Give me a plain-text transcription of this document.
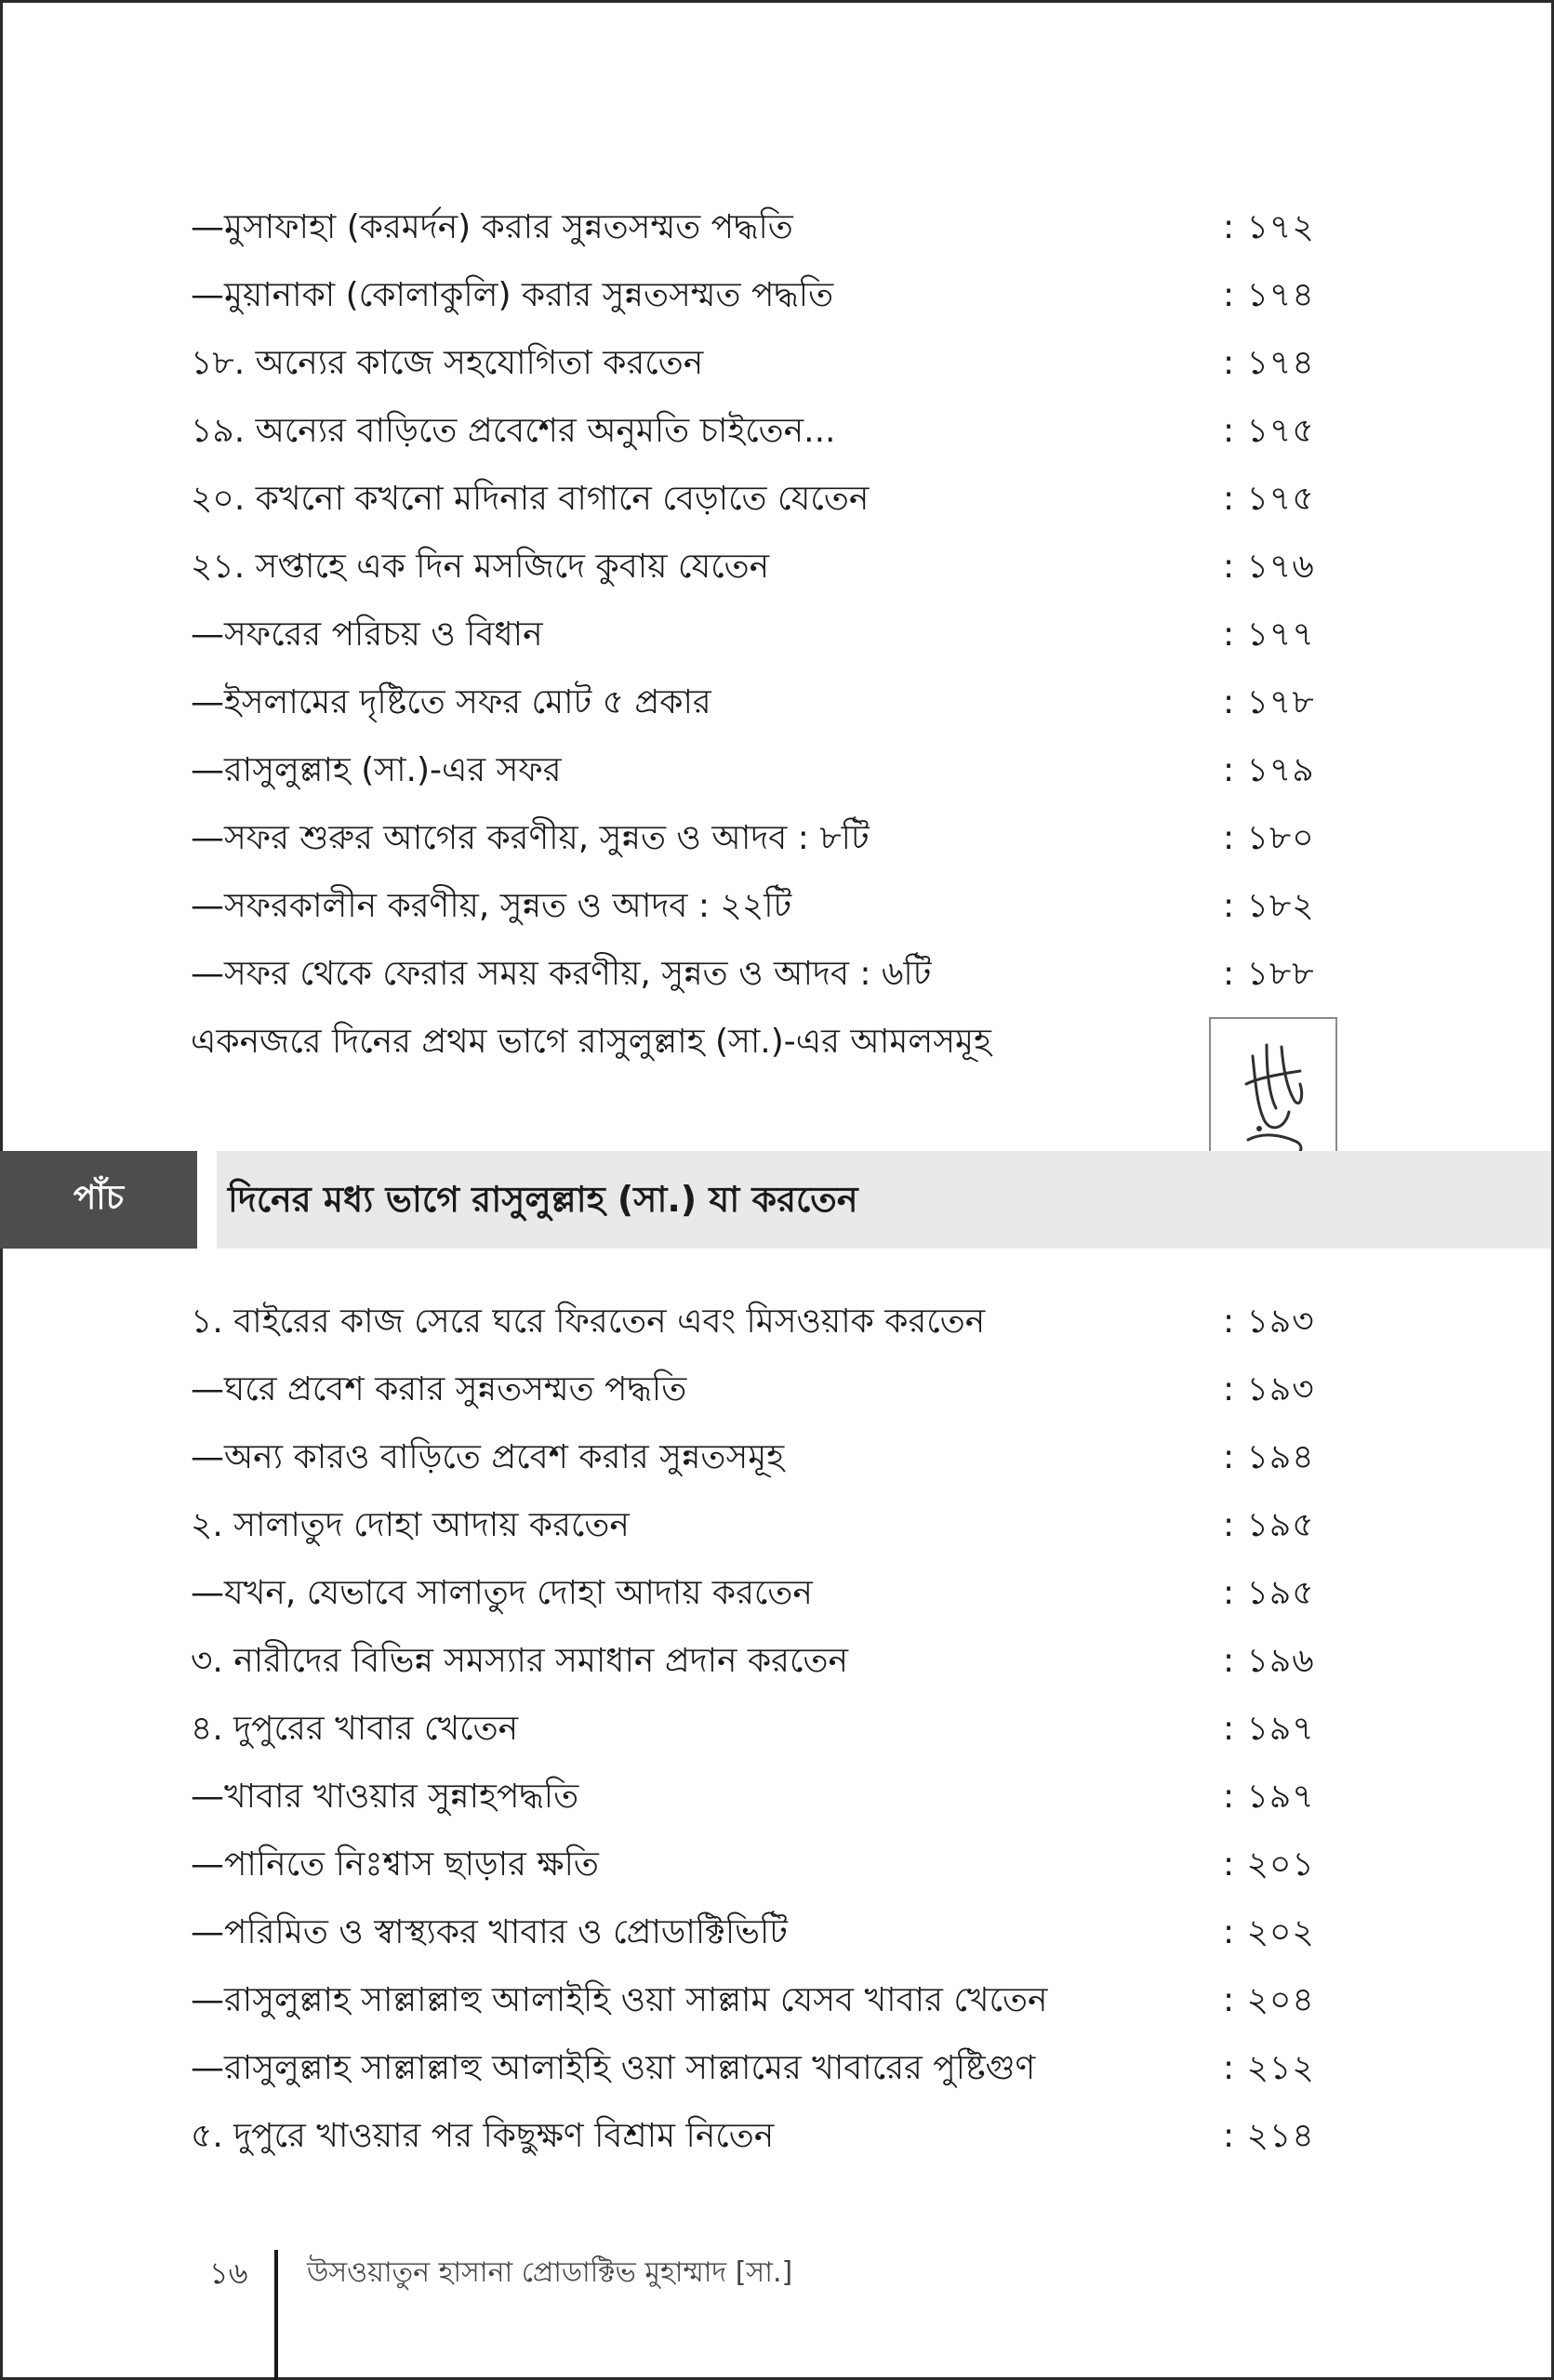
—মুসাফাহা (করমর্দন) করার সুন্নতসম্মত পদ্ধতি	: ১৭২
—মুয়ানাকা (কোলাকুলি) করার সুন্নতসম্মত পদ্ধতি	: ১৭৪
১৮. অন্যের কাজে সহযোগিতা করতেন	: ১৭৪
১৯. অন্যের বাড়িতে প্রবেশের অনুমতি চাইতেন...	: ১৭৫
২০. কখনো কখনো মদিনার বাগানে বেড়াতে যেতেন	: ১৭৫
২১. সপ্তাহে এক দিন মসজিদে কুবায় যেতেন	: ১৭৬
—সফরের পরিচয় ও বিধান	: ১৭৭
—ইসলামের দৃষ্টিতে সফর মোট ৫ প্রকার	: ১৭৮
—রাসুলুল্লাহ (সা.)-এর সফর	: ১৭৯
—সফর শুরুর আগের করণীয়, সুন্নত ও আদব : ৮টি	: ১৮০
—সফরকালীন করণীয়, সুন্নত ও আদব : ২২টি	: ১৮২
—সফর থেকে ফেরার সময় করণীয়, সুন্নত ও আদব : ৬টি	: ১৮৮
একনজরে দিনের প্রথম ভাগে রাসুলুল্লাহ (সা.)-এর আমলসমূহ
পাঁচ	দিনের মধ্য ভাগে রাসুলুল্লাহ (সা.) যা করতেন
১. বাইরের কাজ সেরে ঘরে ফিরতেন এবং মিসওয়াক করতেন	: ১৯৩
—ঘরে প্রবেশ করার সুন্নতসম্মত পদ্ধতি	: ১৯৩
—অন্য কারও বাড়িতে প্রবেশ করার সুন্নতসমূহ	: ১৯৪
২. সালাতুদ দোহা আদায় করতেন	: ১৯৫
—যখন, যেভাবে সালাতুদ দোহা আদায় করতেন	: ১৯৫
৩. নারীদের বিভিন্ন সমস্যার সমাধান প্রদান করতেন	: ১৯৬
৪. দুপুরের খাবার খেতেন	: ১৯৭
—খাবার খাওয়ার সুন্নাহপদ্ধতি	: ১৯৭
—পানিতে নিঃশ্বাস ছাড়ার ক্ষতি	: ২০১
—পরিমিত ও স্বাস্থ্যকর খাবার ও প্রোডাক্টিভিটি	: ২০২
—রাসুলুল্লাহ সাল্লাল্লাহু আলাইহি ওয়া সাল্লাম যেসব খাবার খেতেন	: ২০৪
—রাসুলুল্লাহ সাল্লাল্লাহু আলাইহি ওয়া সাল্লামের খাবারের পুষ্টিগুণ	: ২১২
৫. দুপুরে খাওয়ার পর কিছুক্ষণ বিশ্রাম নিতেন	: ২১৪
১৬ উসওয়াতুন হাসানা প্রোডাক্টিভ মুহাম্মাদ [সা.]
